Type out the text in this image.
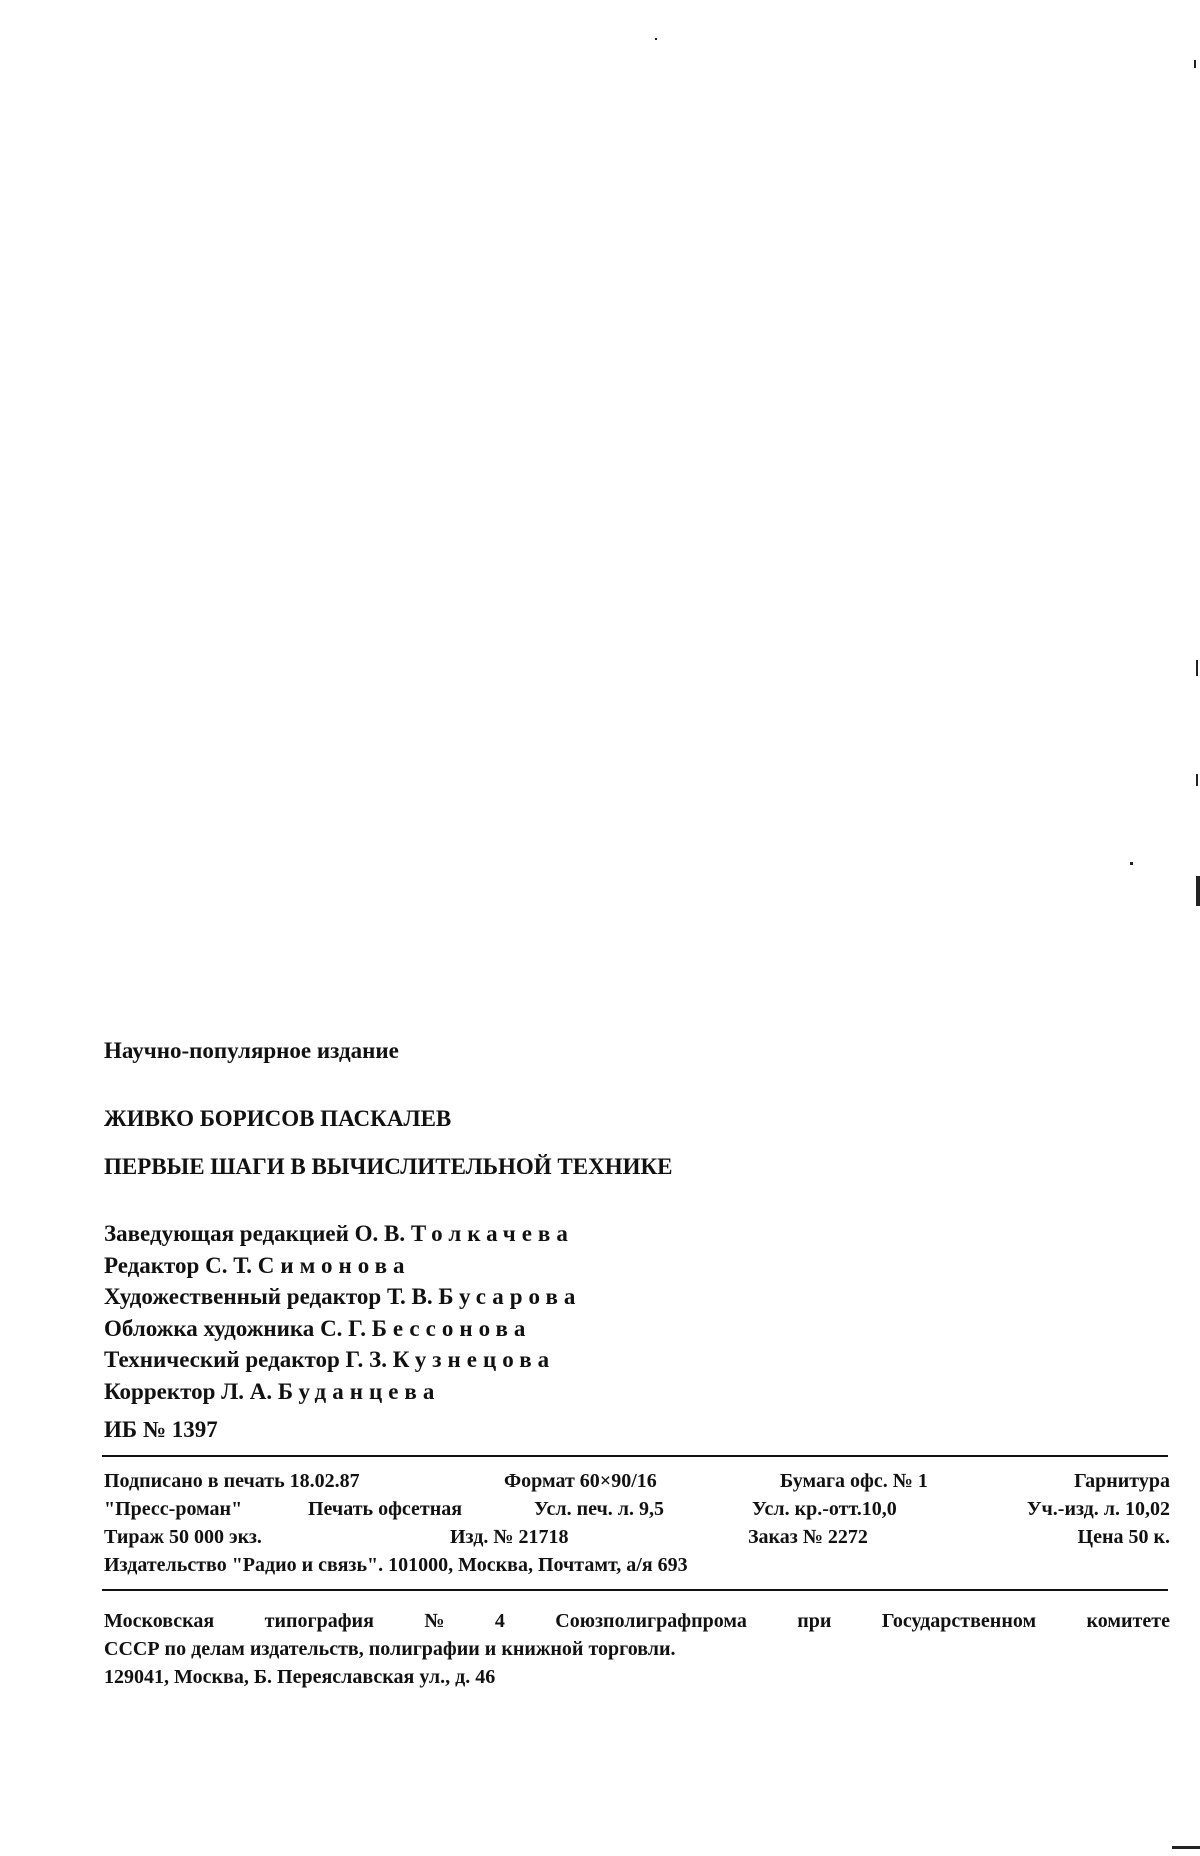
Научно-популярное издание
ЖИВКО БОРИСОВ ПАСКАЛЕВ
ПЕРВЫЕ ШАГИ В ВЫЧИСЛИТЕЛЬНОЙ ТЕХНИКЕ
Заведующая редакцией О. В. Толкачева
Редактор С. Т. Симонова
Художественный редактор Т. В. Бусарова
Обложка художника С. Г. Бессонова
Технический редактор Г. З. Кузнецова
Корректор Л. А. Буданцева
ИБ № 1397
Подписано в печать 18.02.87	Формат 60×90/16	Бумага офс. № 1	Гарнитура
"Пресс-роман"	Печать офсетная	Усл. печ. л. 9,5	Усл. кр.-отт.10,0	Уч.-изд. л. 10,02
Тираж 50 000 экз.	Изд. № 21718	Заказ № 2272	Цена 50 к.
Издательство "Радио и связь". 101000, Москва, Почтамт, а/я 693
Московская	типография	№	4	Союзполиграфпрома	при	Государственном	комитете
СССР по делам издательств, полиграфии и книжной торговли.
129041, Москва, Б. Переяславская ул., д. 46
